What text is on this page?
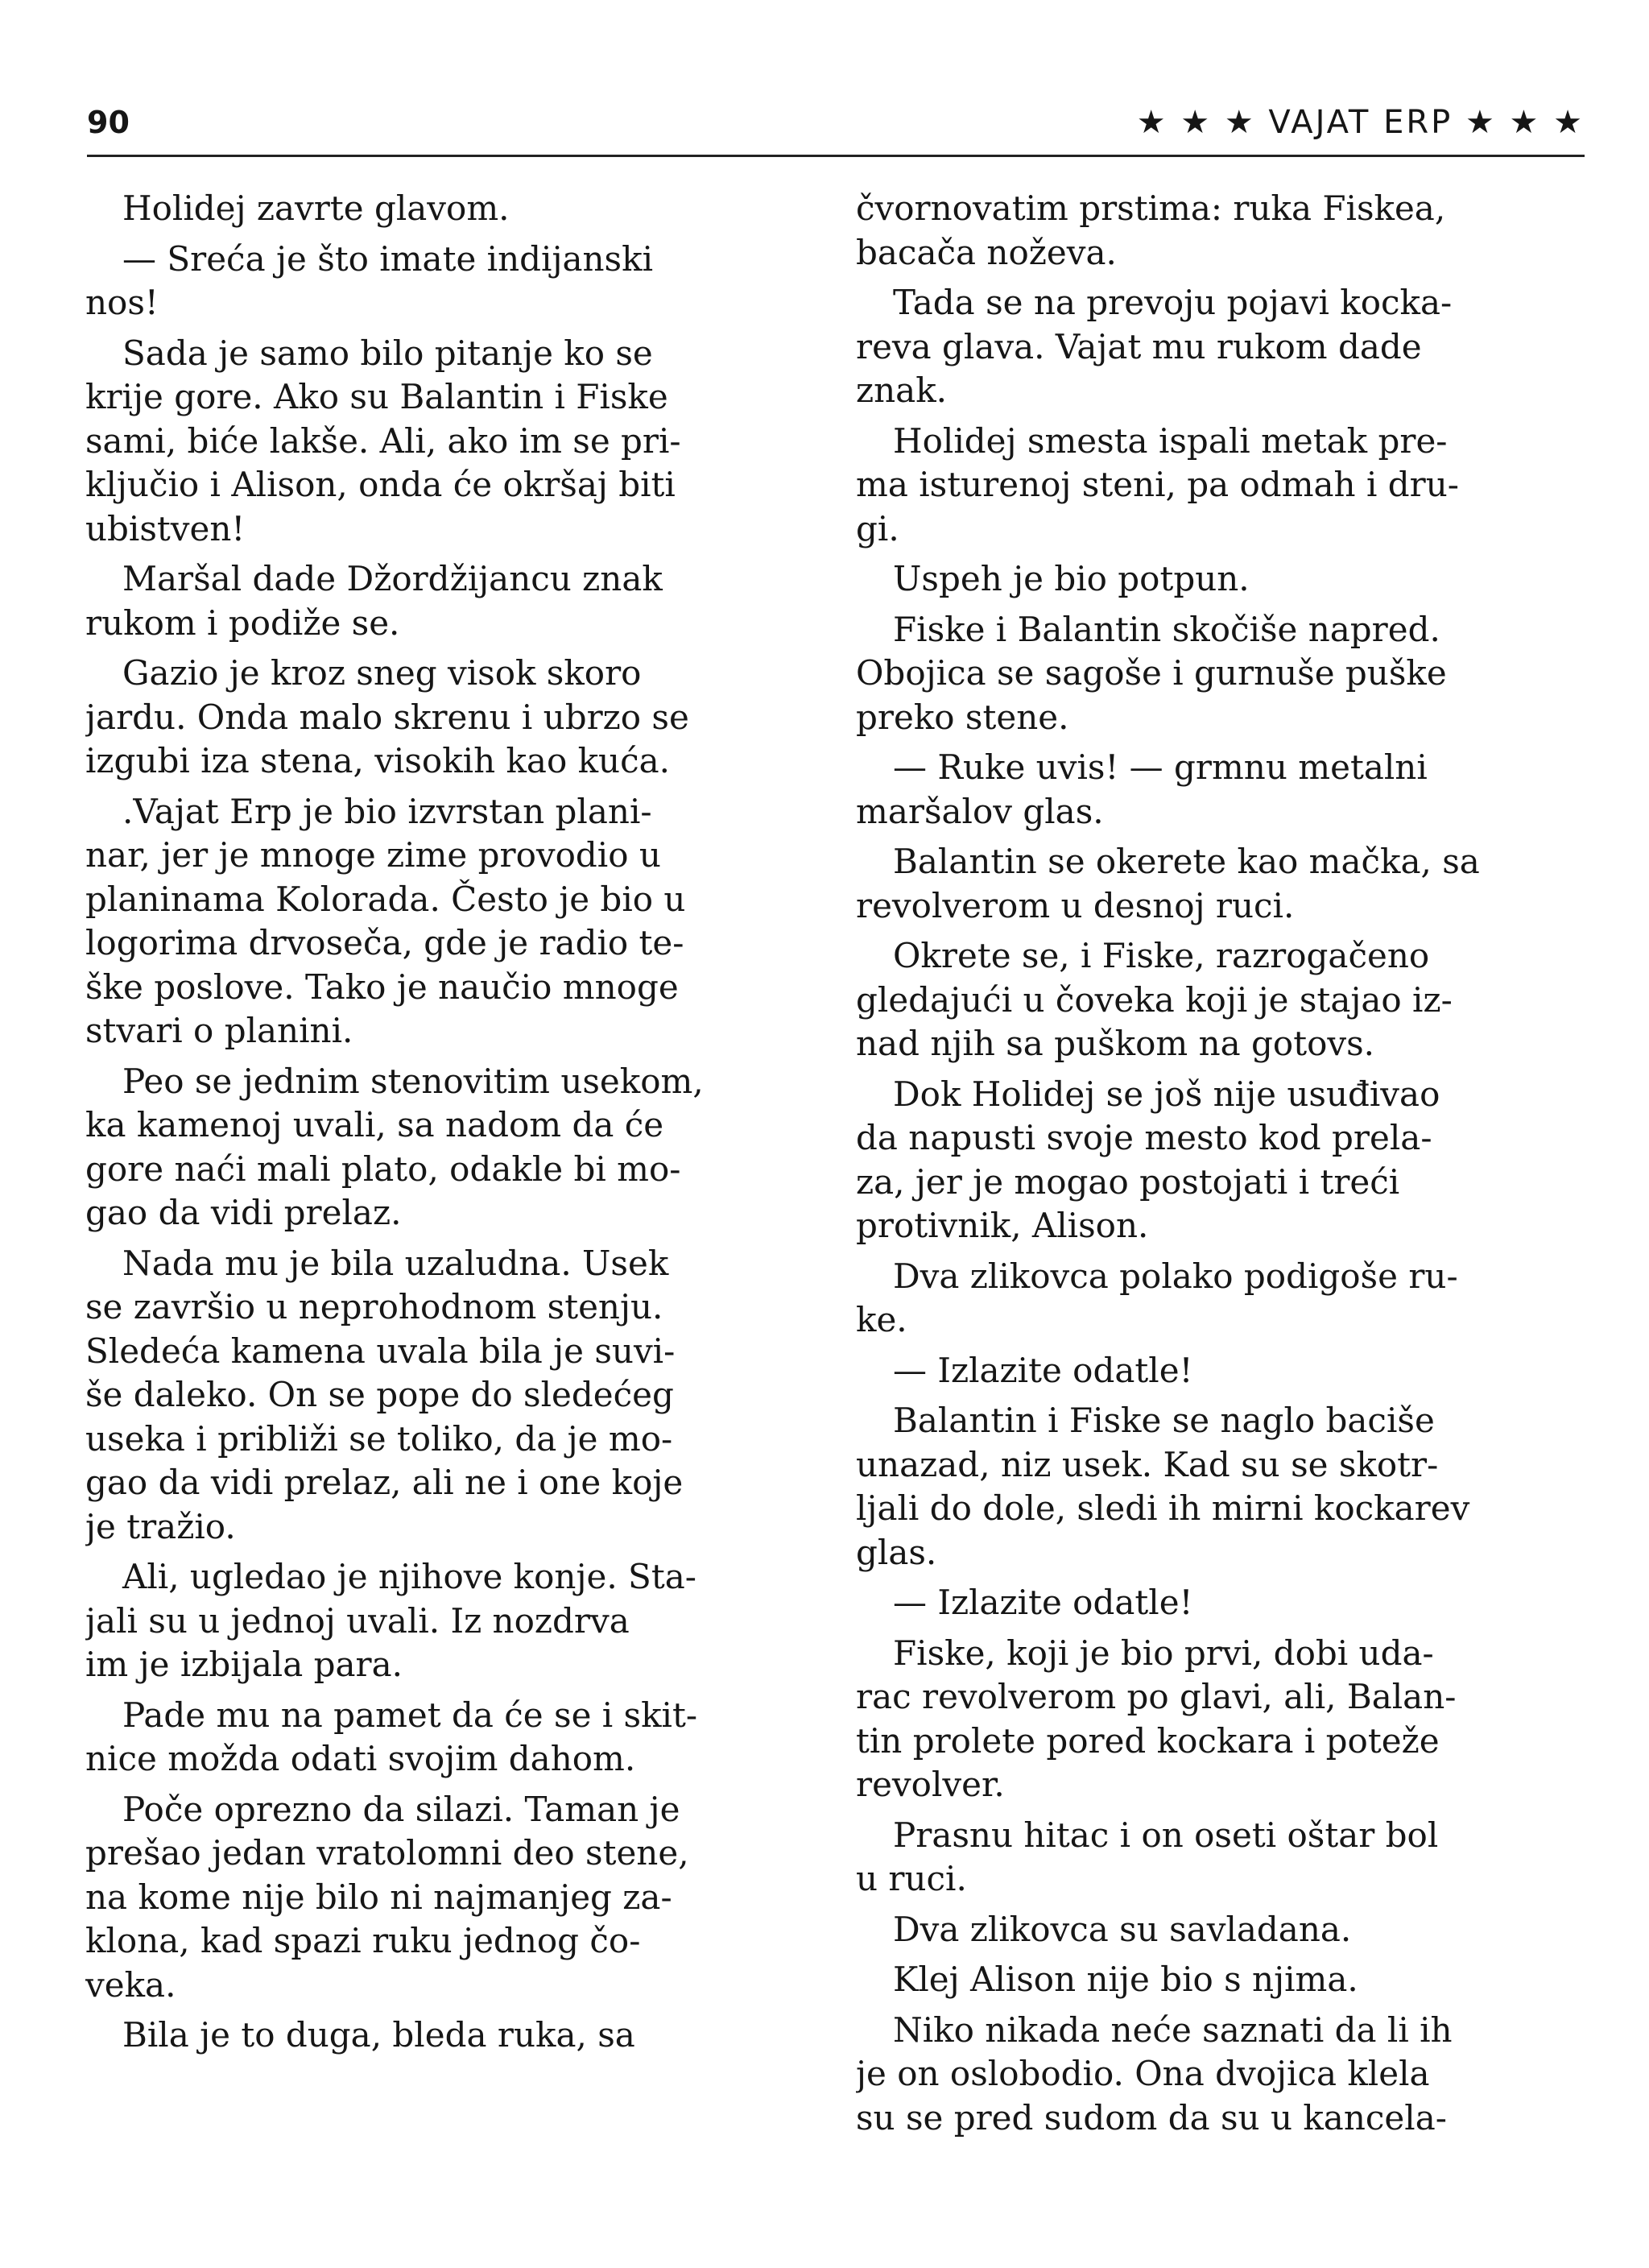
90	★ ★ ★ VAJAT ERP ★ ★ ★

Holidej zavrte glavom.

— Sreća je što imate indijanski
nos!

Sada je samo bilo pitanje ko se
krije gore. Ako su Balantin i Fiske
sami, biće lakše. Ali, ako im se pri-
ključio i Alison, onda će okršaj biti
ubistven!

Maršal dade Džordžijancu znak
rukom i podiže se.

Gazio je kroz sneg visok skoro
jardu. Onda malo skrenu i ubrzo se
izgubi iza stena, visokih kao kuća.

.Vajat Erp je bio izvrstan plani-
nar, jer je mnoge zime provodio u
planinama Kolorada. Često je bio u
logorima drvoseča, gde je radio te-
ške poslove. Tako je naučio mnoge
stvari o planini.

Peo se jednim stenovitim usekom,
ka kamenoj uvali, sa nadom da će
gore naći mali plato, odakle bi mo-
gao da vidi prelaz.

Nada mu je bila uzaludna. Usek
se završio u neprohodnom stenju.
Sledeća kamena uvala bila je suvi-
še daleko. On se pope do sledećeg
useka i približi se toliko, da je mo-
gao da vidi prelaz, ali ne i one koje
je tražio.

Ali, ugledao je njihove konje. Sta-
jali su u jednoj uvali. Iz nozdrva
im je izbijala para.

Pade mu na pamet da će se i skit-
nice možda odati svojim dahom.

Poče oprezno da silazi. Taman je
prešao jedan vratolomni deo stene,
na kome nije bilo ni najmanjeg za-
klona, kad spazi ruku jednog čo-
veka.

Bila je to duga, bleda ruka, sa

čvornovatim prstima: ruka Fiskea,
bacača noževa.

Tada se na prevoju pojavi kocka-
reva glava. Vajat mu rukom dade
znak.

Holidej smesta ispali metak pre-
ma isturenoj steni, pa odmah i dru-
gi.

Uspeh je bio potpun.

Fiske i Balantin skočiše napred.
Obojica se sagoše i gurnuše puške
preko stene.

— Ruke uvis! — grmnu metalni
maršalov glas.

Balantin se okerete kao mačka, sa
revolverom u desnoj ruci.

Okrete se, i Fiske, razrogačeno
gledajući u čoveka koji je stajao iz-
nad njih sa puškom na gotovs.

Dok Holidej se još nije usuđivao
da napusti svoje mesto kod prela-
za, jer je mogao postojati i treći
protivnik, Alison.

Dva zlikovca polako podigoše ru-
ke.

— Izlazite odatle!

Balantin i Fiske se naglo baciše
unazad, niz usek. Kad su se skotr-
ljali do dole, sledi ih mirni kockarev
glas.

— Izlazite odatle!

Fiske, koji je bio prvi, dobi uda-
rac revolverom po glavi, ali, Balan-
tin prolete pored kockara i poteže
revolver.

Prasnu hitac i on oseti oštar bol
u ruci.

Dva zlikovca su savladana.

Klej Alison nije bio s njima.

Niko nikada neće saznati da li ih
je on oslobodio. Ona dvojica klela
su se pred sudom da su u kancela-
